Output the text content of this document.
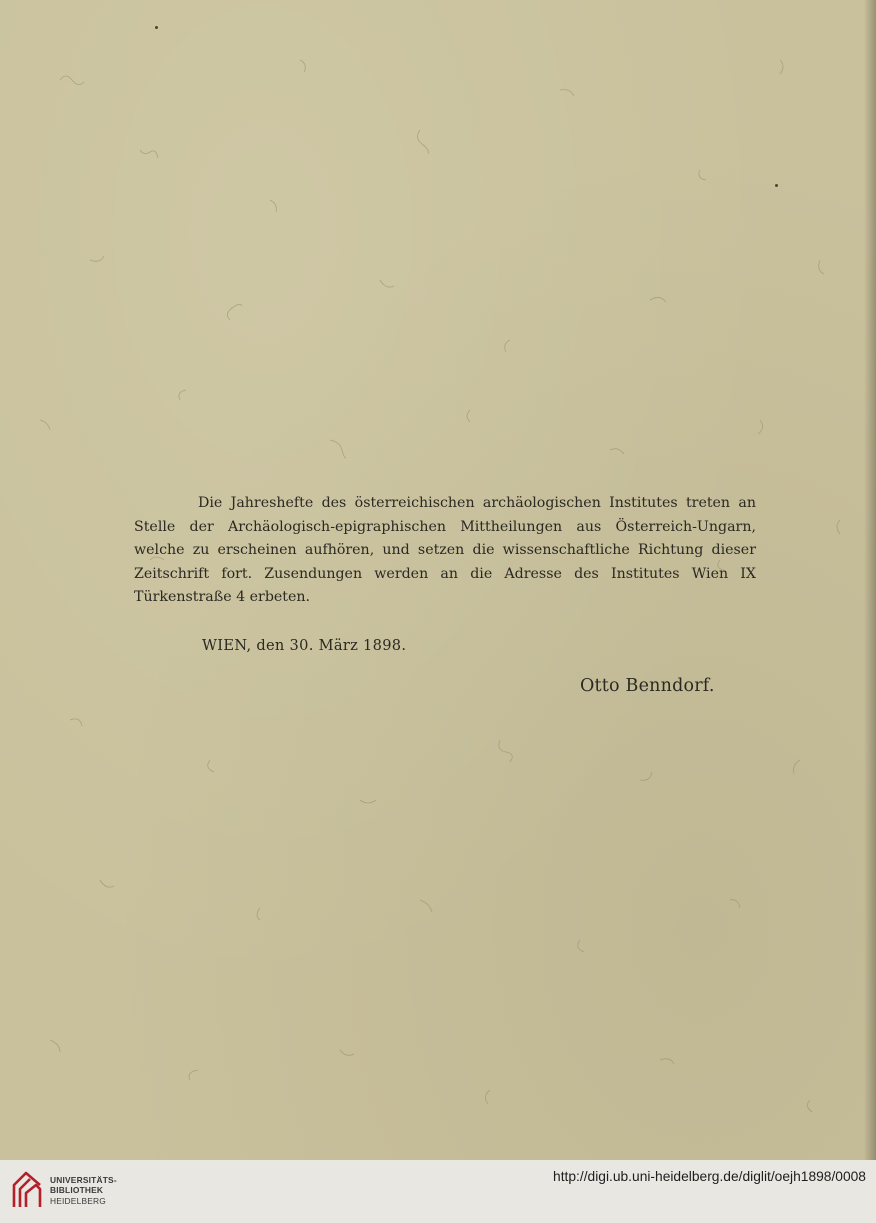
Die Jahreshefte des österreichischen archäologischen Institutes treten an Stelle der Archäologisch-epigraphischen Mittheilungen aus Österreich-Ungarn, welche zu erscheinen aufhören, und setzen die wissenschaftliche Richtung dieser Zeitschrift fort. Zusendungen werden an die Adresse des Institutes Wien IX Türkenstraße 4 erbeten.

WIEN, den 30. März 1898.
Otto Benndorf.
UNIVERSITÄTS-
BIBLIOTHEK
HEIDELBERG
http://digi.ub.uni-heidelberg.de/diglit/oejh1898/0008
